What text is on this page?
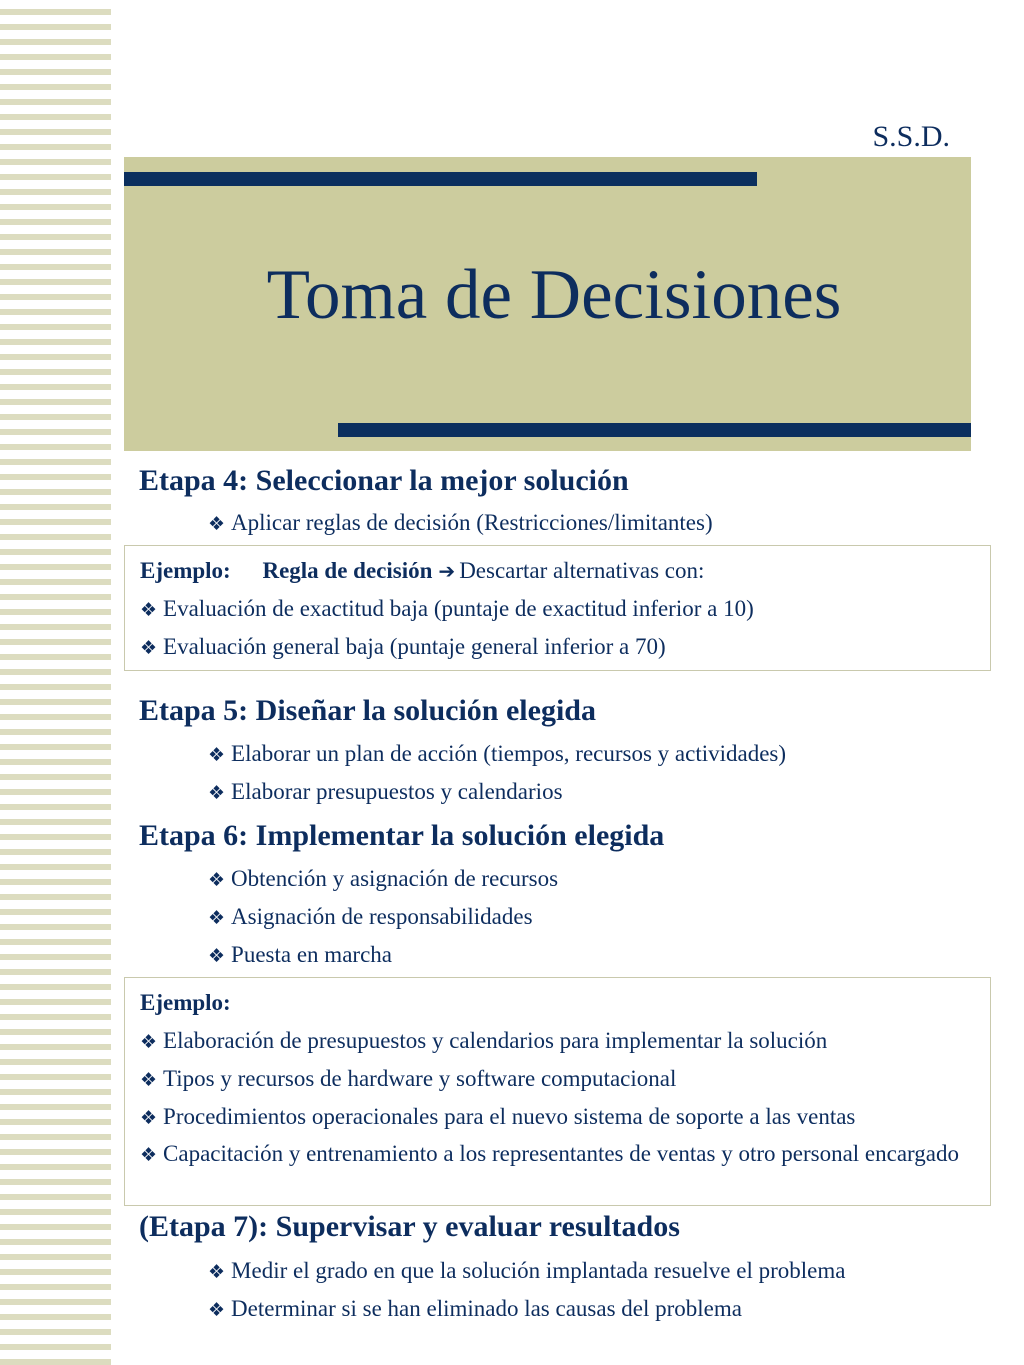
S.S.D.
Toma de Decisiones
Etapa 4: Seleccionar la mejor solución
❖ Aplicar reglas de decisión (Restricciones/limitantes)
Ejemplo: Regla de decisión ➔ Descartar alternativas con:
❖ Evaluación de exactitud baja (puntaje de exactitud inferior a 10)
❖ Evaluación general baja (puntaje general inferior a 70)
Etapa 5: Diseñar la solución elegida
❖ Elaborar un plan de acción (tiempos, recursos y actividades)
❖ Elaborar presupuestos y calendarios
Etapa 6: Implementar la solución elegida
❖ Obtención y asignación de recursos
❖ Asignación de responsabilidades
❖ Puesta en marcha
Ejemplo:
❖ Elaboración de presupuestos y calendarios para implementar la solución
❖ Tipos y recursos de hardware y software computacional
❖ Procedimientos operacionales para el nuevo sistema de soporte a las ventas
❖ Capacitación y entrenamiento a los representantes de ventas y otro personal encargado
(Etapa 7): Supervisar y evaluar resultados
❖ Medir el grado en que la solución implantada resuelve el problema
❖ Determinar si se han eliminado las causas del problema
